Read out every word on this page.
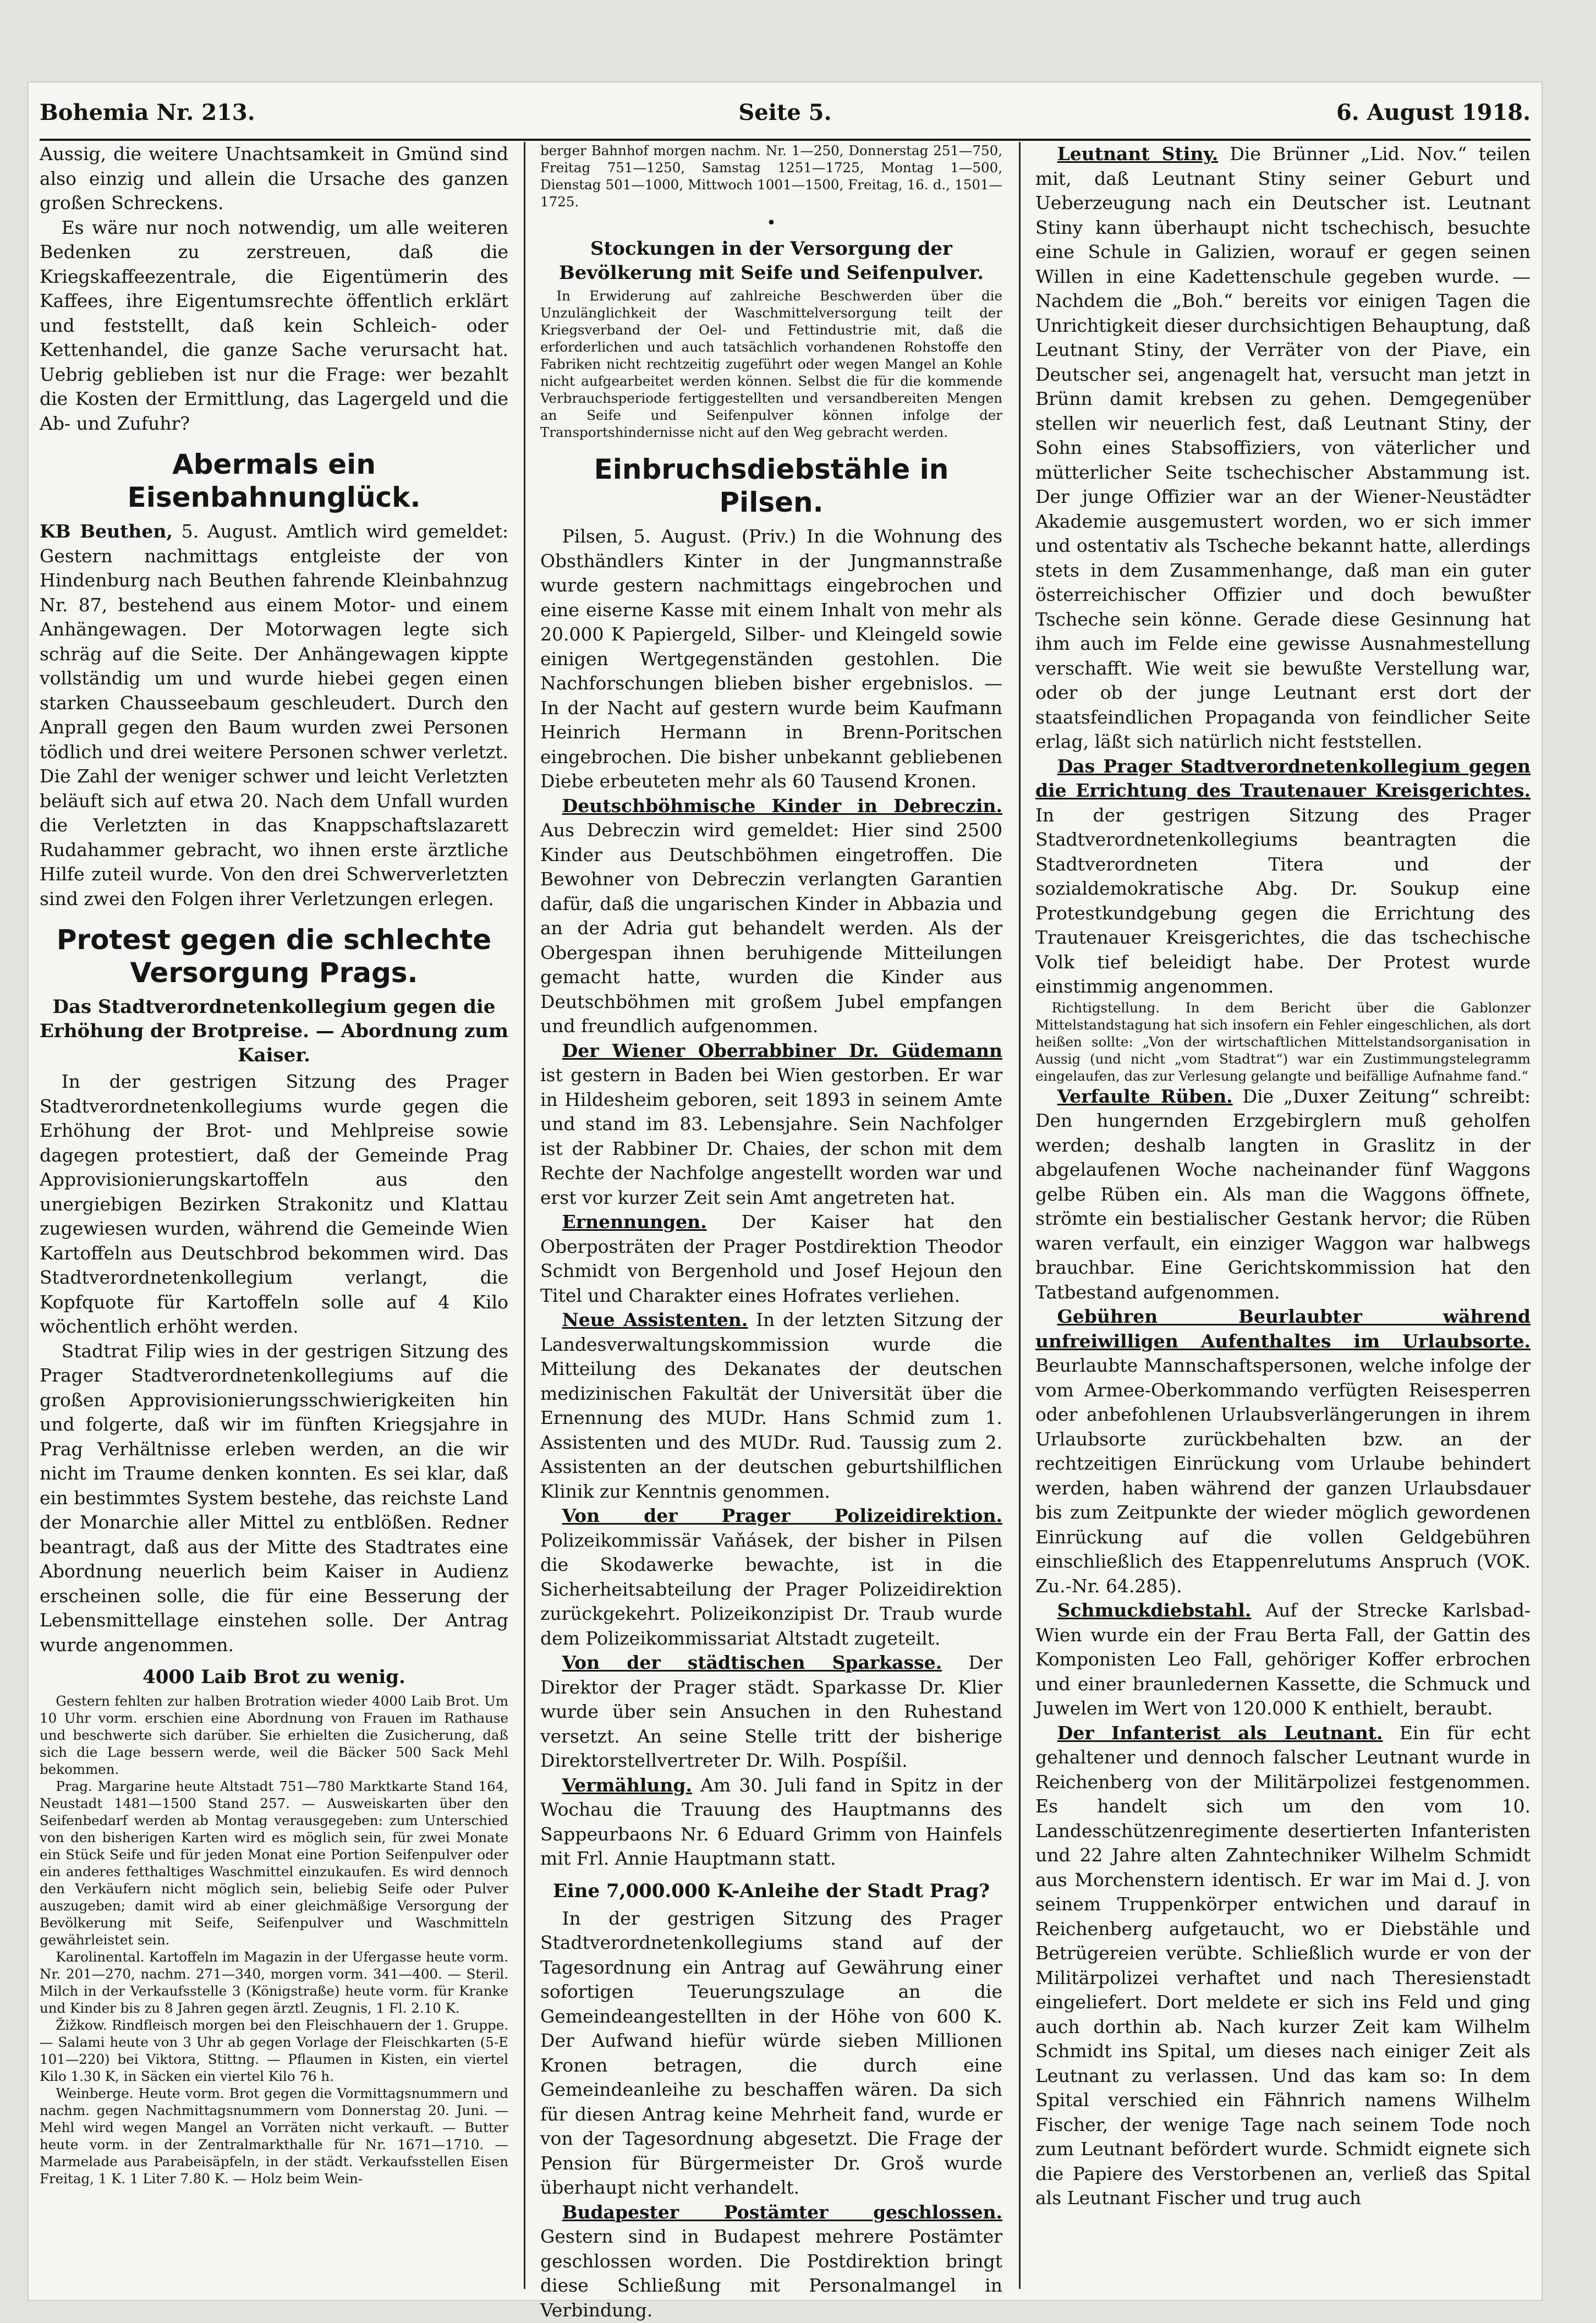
Bohemia Nr. 213.	Seite 5.	6. August 1918.

Aussig, die weitere Unachtsamkeit in Gmünd sind also einzig und allein die Ursache des ganzen großen Schreckens.

Es wäre nur noch notwendig, um alle weiteren Bedenken zu zerstreuen, daß die Kriegskaffeezentrale, die Eigentümerin des Kaffees, ihre Eigentumsrechte öffentlich erklärt und feststellt, daß kein Schleich- oder Kettenhandel, die ganze Sache verursacht hat. Uebrig geblieben ist nur die Frage: wer bezahlt die Kosten der Ermittlung, das Lagergeld und die Ab- und Zufuhr?

Abermals ein Eisenbahnunglück.

KB Beuthen, 5. August. Amtlich wird gemeldet: Gestern nachmittags entgleiste der von Hindenburg nach Beuthen fahrende Kleinbahnzug Nr. 87, bestehend aus einem Motor- und einem Anhängewagen. Der Motorwagen legte sich schräg auf die Seite. Der Anhängewagen kippte vollständig um und wurde hiebei gegen einen starken Chausseebaum geschleudert. Durch den Anprall gegen den Baum wurden zwei Personen tödlich und drei weitere Personen schwer verletzt. Die Zahl der weniger schwer und leicht Verletzten beläuft sich auf etwa 20. Nach dem Unfall wurden die Verletzten in das Knappschaftslazarett Rudahammer gebracht, wo ihnen erste ärztliche Hilfe zuteil wurde. Von den drei Schwerverletzten sind zwei den Folgen ihrer Verletzungen erlegen.

Protest gegen die schlechte Versorgung Prags.
Das Stadtverordnetenkollegium gegen die Erhöhung der Brotpreise. — Abordnung zum Kaiser.

In der gestrigen Sitzung des Prager Stadtverordnetenkollegiums wurde gegen die Erhöhung der Brot- und Mehlpreise sowie dagegen protestiert, daß der Gemeinde Prag Approvisionierungskartoffeln aus den unergiebigen Bezirken Strakonitz und Klattau zugewiesen wurden, während die Gemeinde Wien Kartoffeln aus Deutschbrod bekommen wird. Das Stadtverordnetenkollegium verlangt, die Kopfquote für Kartoffeln solle auf 4 Kilo wöchentlich erhöht werden.

Stadtrat Filip wies in der gestrigen Sitzung des Prager Stadtverordnetenkollegiums auf die großen Approvisionierungsschwierigkeiten hin und folgerte, daß wir im fünften Kriegsjahre in Prag Verhältnisse erleben werden, an die wir nicht im Traume denken konnten. Es sei klar, daß ein bestimmtes System bestehe, das reichste Land der Monarchie aller Mittel zu entblößen. Redner beantragt, daß aus der Mitte des Stadtrates eine Abordnung neuerlich beim Kaiser in Audienz erscheinen solle, die für eine Besserung der Lebensmittellage einstehen solle. Der Antrag wurde angenommen.

4000 Laib Brot zu wenig.

Gestern fehlten zur halben Brotration wieder 4000 Laib Brot. Um 10 Uhr vorm. erschien eine Abordnung von Frauen im Rathause und beschwerte sich darüber. Sie erhielten die Zusicherung, daß sich die Lage bessern werde, weil die Bäcker 500 Sack Mehl bekommen.

Prag. Margarine heute Altstadt 751—780 Marktkarte Stand 164, Neustadt 1481—1500 Stand 257. — Ausweiskarten über den Seifenbedarf werden ab Montag verausgegeben: zum Unterschied von den bisherigen Karten wird es möglich sein, für zwei Monate ein Stück Seife und für jeden Monat eine Portion Seifenpulver oder ein anderes fetthaltiges Waschmittel einzukaufen. Es wird dennoch den Verkäufern nicht möglich sein, beliebig Seife oder Pulver auszugeben; damit wird ab einer gleichmäßige Versorgung der Bevölkerung mit Seife, Seifenpulver und Waschmitteln gewährleistet sein.

Karolinental. Kartoffeln im Magazin in der Ufergasse heute vorm. Nr. 201—270, nachm. 271—340, morgen vorm. 341—400. — Steril. Milch in der Verkaufsstelle 3 (Königstraße) heute vorm. für Kranke und Kinder bis zu 8 Jahren gegen ärztl. Zeugnis, 1 Fl. 2.10 K.

Žižkow. Rindfleisch morgen bei den Fleischhauern der 1. Gruppe. — Salami heute von 3 Uhr ab gegen Vorlage der Fleischkarten (5-E 101—220) bei Viktora, Stittng. — Pflaumen in Kisten, ein viertel Kilo 1.30 K, in Säcken ein viertel Kilo 76 h.

Weinberge. Heute vorm. Brot gegen die Vormittagsnummern und nachm. gegen Nachmittagsnummern vom Donnerstag 20. Juni. — Mehl wird wegen Mangel an Vorräten nicht verkauft. — Butter heute vorm. in der Zentralmarkthalle für Nr. 1671—1710. — Marmelade aus Parabeisäpfeln, in der städt. Verkaufsstellen Eisen Freitag, 1 K. 1 Liter 7.80 K. — Holz beim Wein-

berger Bahnhof morgen nachm. Nr. 1—250, Donnerstag 251—750, Freitag 751—1250, Samstag 1251—1725, Montag 1—500, Dienstag 501—1000, Mittwoch 1001—1500, Freitag, 16. d., 1501—1725.

•
Stockungen in der Versorgung der Bevölkerung mit Seife und Seifenpulver.

In Erwiderung auf zahlreiche Beschwerden über die Unzulänglichkeit der Waschmittelversorgung teilt der Kriegsverband der Oel- und Fettindustrie mit, daß die erforderlichen und auch tatsächlich vorhandenen Rohstoffe den Fabriken nicht rechtzeitig zugeführt oder wegen Mangel an Kohle nicht aufgearbeitet werden können. Selbst die für die kommende Verbrauchsperiode fertiggestellten und versandbereiten Mengen an Seife und Seifenpulver können infolge der Transportshindernisse nicht auf den Weg gebracht werden.

Einbruchsdiebstähle in Pilsen.

Pilsen, 5. August. (Priv.) In die Wohnung des Obsthändlers Kinter in der Jungmannstraße wurde gestern nachmittags eingebrochen und eine eiserne Kasse mit einem Inhalt von mehr als 20.000 K Papiergeld, Silber- und Kleingeld sowie einigen Wertgegenständen gestohlen. Die Nachforschungen blieben bisher ergebnislos. — In der Nacht auf gestern wurde beim Kaufmann Heinrich Hermann in Brenn-Poritschen eingebrochen. Die bisher unbekannt gebliebenen Diebe erbeuteten mehr als 60 Tausend Kronen.

Deutschböhmische Kinder in Debreczin. Aus Debreczin wird gemeldet: Hier sind 2500 Kinder aus Deutschböhmen eingetroffen. Die Bewohner von Debreczin verlangten Garantien dafür, daß die ungarischen Kinder in Abbazia und an der Adria gut behandelt werden. Als der Obergespan ihnen beruhigende Mitteilungen gemacht hatte, wurden die Kinder aus Deutschböhmen mit großem Jubel empfangen und freundlich aufgenommen.

Der Wiener Oberrabbiner Dr. Güdemann ist gestern in Baden bei Wien gestorben. Er war in Hildesheim geboren, seit 1893 in seinem Amte und stand im 83. Lebensjahre. Sein Nachfolger ist der Rabbiner Dr. Chaies, der schon mit dem Rechte der Nachfolge angestellt worden war und erst vor kurzer Zeit sein Amt angetreten hat.

Ernennungen. Der Kaiser hat den Oberposträten der Prager Postdirektion Theodor Schmidt von Bergenhold und Josef Hejoun den Titel und Charakter eines Hofrates verliehen.

Neue Assistenten. In der letzten Sitzung der Landesverwaltungskommission wurde die Mitteilung des Dekanates der deutschen medizinischen Fakultät der Universität über die Ernennung des MUDr. Hans Schmid zum 1. Assistenten und des MUDr. Rud. Taussig zum 2. Assistenten an der deutschen geburtshilflichen Klinik zur Kenntnis genommen.

Von der Prager Polizeidirektion. Polizeikommissär Vaňásek, der bisher in Pilsen die Skodawerke bewachte, ist in die Sicherheitsabteilung der Prager Polizeidirektion zurückgekehrt. Polizeikonzipist Dr. Traub wurde dem Polizeikommissariat Altstadt zugeteilt.

Von der städtischen Sparkasse. Der Direktor der Prager städt. Sparkasse Dr. Klier wurde über sein Ansuchen in den Ruhestand versetzt. An seine Stelle tritt der bisherige Direktorstellvertreter Dr. Wilh. Pospíšil.

Vermählung. Am 30. Juli fand in Spitz in der Wochau die Trauung des Hauptmanns des Sappeurbaons Nr. 6 Eduard Grimm von Hainfels mit Frl. Annie Hauptmann statt.

Eine 7,000.000 K-Anleihe der Stadt Prag?

In der gestrigen Sitzung des Prager Stadtverordnetenkollegiums stand auf der Tagesordnung ein Antrag auf Gewährung einer sofortigen Teuerungszulage an die Gemeindeangestellten in der Höhe von 600 K. Der Aufwand hiefür würde sieben Millionen Kronen betragen, die durch eine Gemeindeanleihe zu beschaffen wären. Da sich für diesen Antrag keine Mehrheit fand, wurde er von der Tagesordnung abgesetzt. Die Frage der Pension für Bürgermeister Dr. Groš wurde überhaupt nicht verhandelt.

Budapester Postämter geschlossen. Gestern sind in Budapest mehrere Postämter geschlossen worden. Die Postdirektion bringt diese Schließung mit Personalmangel in Verbindung.

Leutnant Stiny. Die Brünner „Lid. Nov.“ teilen mit, daß Leutnant Stiny seiner Geburt und Ueberzeugung nach ein Deutscher ist. Leutnant Stiny kann überhaupt nicht tschechisch, besuchte eine Schule in Galizien, worauf er gegen seinen Willen in eine Kadettenschule gegeben wurde. — Nachdem die „Boh.“ bereits vor einigen Tagen die Unrichtigkeit dieser durchsichtigen Behauptung, daß Leutnant Stiny, der Verräter von der Piave, ein Deutscher sei, angenagelt hat, versucht man jetzt in Brünn damit krebsen zu gehen. Demgegenüber stellen wir neuerlich fest, daß Leutnant Stiny, der Sohn eines Stabsoffiziers, von väterlicher und mütterlicher Seite tschechischer Abstammung ist. Der junge Offizier war an der Wiener-Neustädter Akademie ausgemustert worden, wo er sich immer und ostentativ als Tscheche bekannt hatte, allerdings stets in dem Zusammenhange, daß man ein guter österreichischer Offizier und doch bewußter Tscheche sein könne. Gerade diese Gesinnung hat ihm auch im Felde eine gewisse Ausnahmestellung verschafft. Wie weit sie bewußte Verstellung war, oder ob der junge Leutnant erst dort der staatsfeindlichen Propaganda von feindlicher Seite erlag, läßt sich natürlich nicht feststellen.

Das Prager Stadtverordnetenkollegium gegen die Errichtung des Trautenauer Kreisgerichtes. In der gestrigen Sitzung des Prager Stadtverordnetenkollegiums beantragten die Stadtverordneten Titera und der sozialdemokratische Abg. Dr. Soukup eine Protestkundgebung gegen die Errichtung des Trautenauer Kreisgerichtes, die das tschechische Volk tief beleidigt habe. Der Protest wurde einstimmig angenommen.

Richtigstellung. In dem Bericht über die Gablonzer Mittelstandstagung hat sich insofern ein Fehler eingeschlichen, als dort heißen sollte: „Von der wirtschaftlichen Mittelstandsorganisation in Aussig (und nicht „vom Stadtrat“) war ein Zustimmungstelegramm eingelaufen, das zur Verlesung gelangte und beifällige Aufnahme fand.“

Verfaulte Rüben. Die „Duxer Zeitung“ schreibt: Den hungernden Erzgebirglern muß geholfen werden; deshalb langten in Graslitz in der abgelaufenen Woche nacheinander fünf Waggons gelbe Rüben ein. Als man die Waggons öffnete, strömte ein bestialischer Gestank hervor; die Rüben waren verfault, ein einziger Waggon war halbwegs brauchbar. Eine Gerichtskommission hat den Tatbestand aufgenommen.

Gebühren Beurlaubter während unfreiwilligen Aufenthaltes im Urlaubsorte. Beurlaubte Mannschaftspersonen, welche infolge der vom Armee-Oberkommando verfügten Reisesperren oder anbefohlenen Urlaubsverlängerungen in ihrem Urlaubsorte zurückbehalten bzw. an der rechtzeitigen Einrückung vom Urlaube behindert werden, haben während der ganzen Urlaubsdauer bis zum Zeitpunkte der wieder möglich gewordenen Einrückung auf die vollen Geldgebühren einschließlich des Etappenrelutums Anspruch (VOK. Zu.-Nr. 64.285).

Schmuckdiebstahl. Auf der Strecke Karlsbad-Wien wurde ein der Frau Berta Fall, der Gattin des Komponisten Leo Fall, gehöriger Koffer erbrochen und einer braunledernen Kassette, die Schmuck und Juwelen im Wert von 120.000 K enthielt, beraubt.

Der Infanterist als Leutnant. Ein für echt gehaltener und dennoch falscher Leutnant wurde in Reichenberg von der Militärpolizei festgenommen. Es handelt sich um den vom 10. Landesschützenregimente desertierten Infanteristen und 22 Jahre alten Zahntechniker Wilhelm Schmidt aus Morchenstern identisch. Er war im Mai d. J. von seinem Truppenkörper entwichen und darauf in Reichenberg aufgetaucht, wo er Diebstähle und Betrügereien verübte. Schließlich wurde er von der Militärpolizei verhaftet und nach Theresienstadt eingeliefert. Dort meldete er sich ins Feld und ging auch dorthin ab. Nach kurzer Zeit kam Wilhelm Schmidt ins Spital, um dieses nach einiger Zeit als Leutnant zu verlassen. Und das kam so: In dem Spital verschied ein Fähnrich namens Wilhelm Fischer, der wenige Tage nach seinem Tode noch zum Leutnant befördert wurde. Schmidt eignete sich die Papiere des Verstorbenen an, verließ das Spital als Leutnant Fischer und trug auch
